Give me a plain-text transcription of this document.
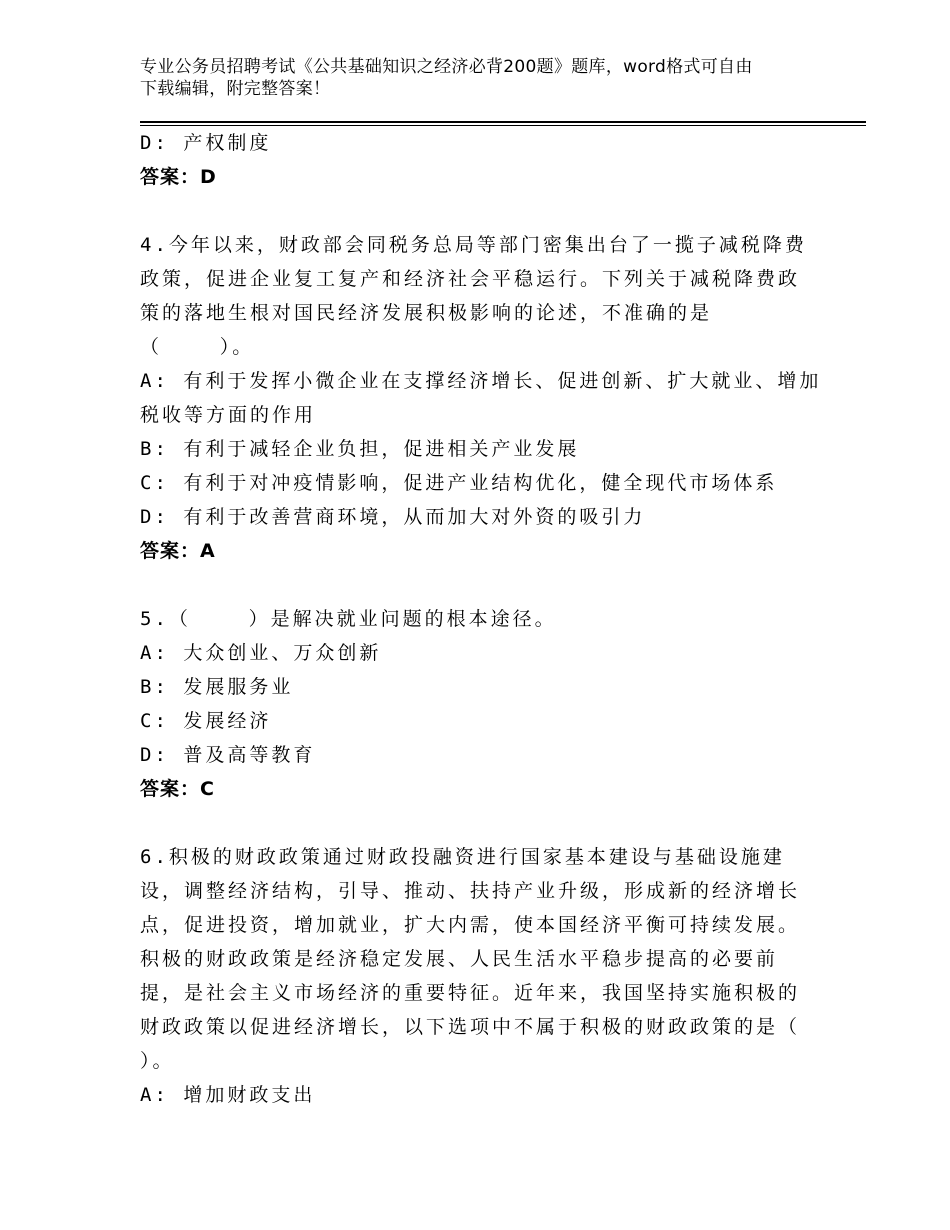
专业公务员招聘考试《公共基础知识之经济必背200题》题库，word格式可自由
下载编辑，附完整答案！
D: 产权制度
答案：D
4.今年以来，财政部会同税务总局等部门密集出台了一揽子减税降费
政策，促进企业复工复产和经济社会平稳运行。下列关于减税降费政
策的落地生根对国民经济发展积极影响的论述，不准确的是
（    ）。
A: 有利于发挥小微企业在支撑经济增长、促进创新、扩大就业、增加
税收等方面的作用
B: 有利于减轻企业负担，促进相关产业发展
C: 有利于对冲疫情影响，促进产业结构优化，健全现代市场体系
D: 有利于改善营商环境，从而加大对外资的吸引力
答案：A
5.（    ）是解决就业问题的根本途径。
A: 大众创业、万众创新
B: 发展服务业
C: 发展经济
D: 普及高等教育
答案：C
6.积极的财政政策通过财政投融资进行国家基本建设与基础设施建
设，调整经济结构，引导、推动、扶持产业升级，形成新的经济增长
点，促进投资，增加就业，扩大内需，使本国经济平衡可持续发展。
积极的财政政策是经济稳定发展、人民生活水平稳步提高的必要前
提，是社会主义市场经济的重要特征。近年来，我国坚持实施积极的
财政政策以促进经济增长，以下选项中不属于积极的财政政策的是（
）。
A: 增加财政支出
